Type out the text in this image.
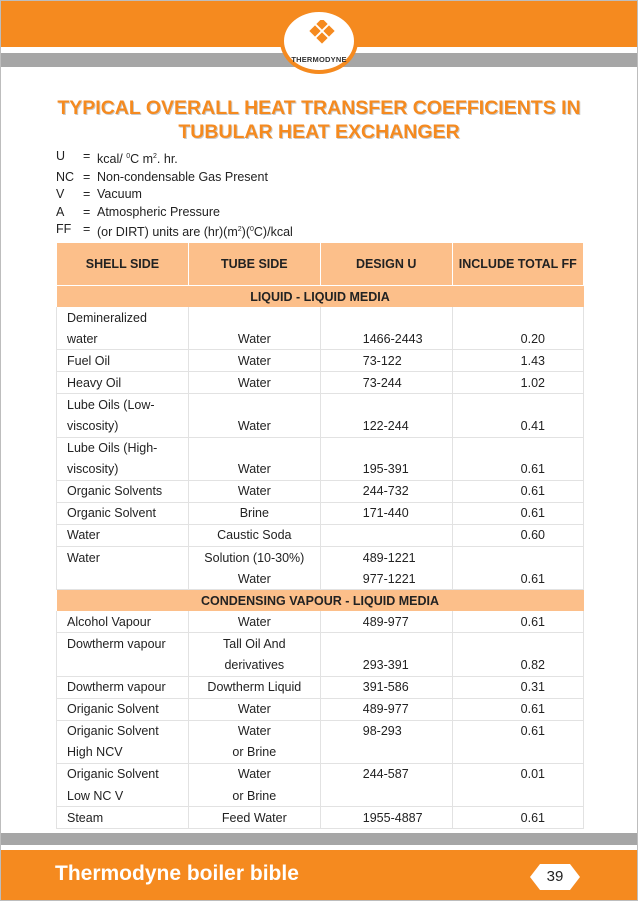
THERMODYNE
TYPICAL OVERALL HEAT TRANSFER COEFFICIENTS IN
TUBULAR HEAT EXCHANGER
U	= kcal/ $^0$C $m^2$. hr.
NC = Non-condensable Gas Present
V	= Vacuum
A	= Atmospheric Pressure
FF = (or DIRT) units are $(hr)(m^2)(^0C)$/kcal
SHELL SIDE	TUBE SIDE	DESIGN U	INCLUDE TOTAL FF
LIQUID - LIQUID MEDIA			
Demineralized			
water	Water	1466-2443	0.20
Fuel Oil	Water	73-122	1.43
Heavy Oil	Water	73-244	1.02
Lube Oils (Low-			
viscosity)	Water	122-244	0.41
Lube Oils (High-			
viscosity)	Water	195-391	0.61
Organic Solvents	Water	244-732	0.61
Organic Solvent	Brine	171-440	0.61
Water	Caustic Soda		0.60
Water	Solution (10-30%)	489-1221	
	Water	977-1221	0.61
CONDENSING VAPOUR - LIQUID MEDIA			
Alcohol Vapour	Water	489-977	0.61
Dowtherm vapour	Tall Oil And		
	derivatives	293-391	0.82
Dowtherm vapour	Dowtherm Liquid	391-586	0.31
Origanic Solvent	Water	489-977	0.61
Origanic Solvent	Water	98-293	0.61
High NCV	or Brine		
Origanic Solvent	Water	244-587	0.01
Low NC V	or Brine		
Steam	Feed Water	1955-4887	0.61
Thermodyne boiler bible	39
